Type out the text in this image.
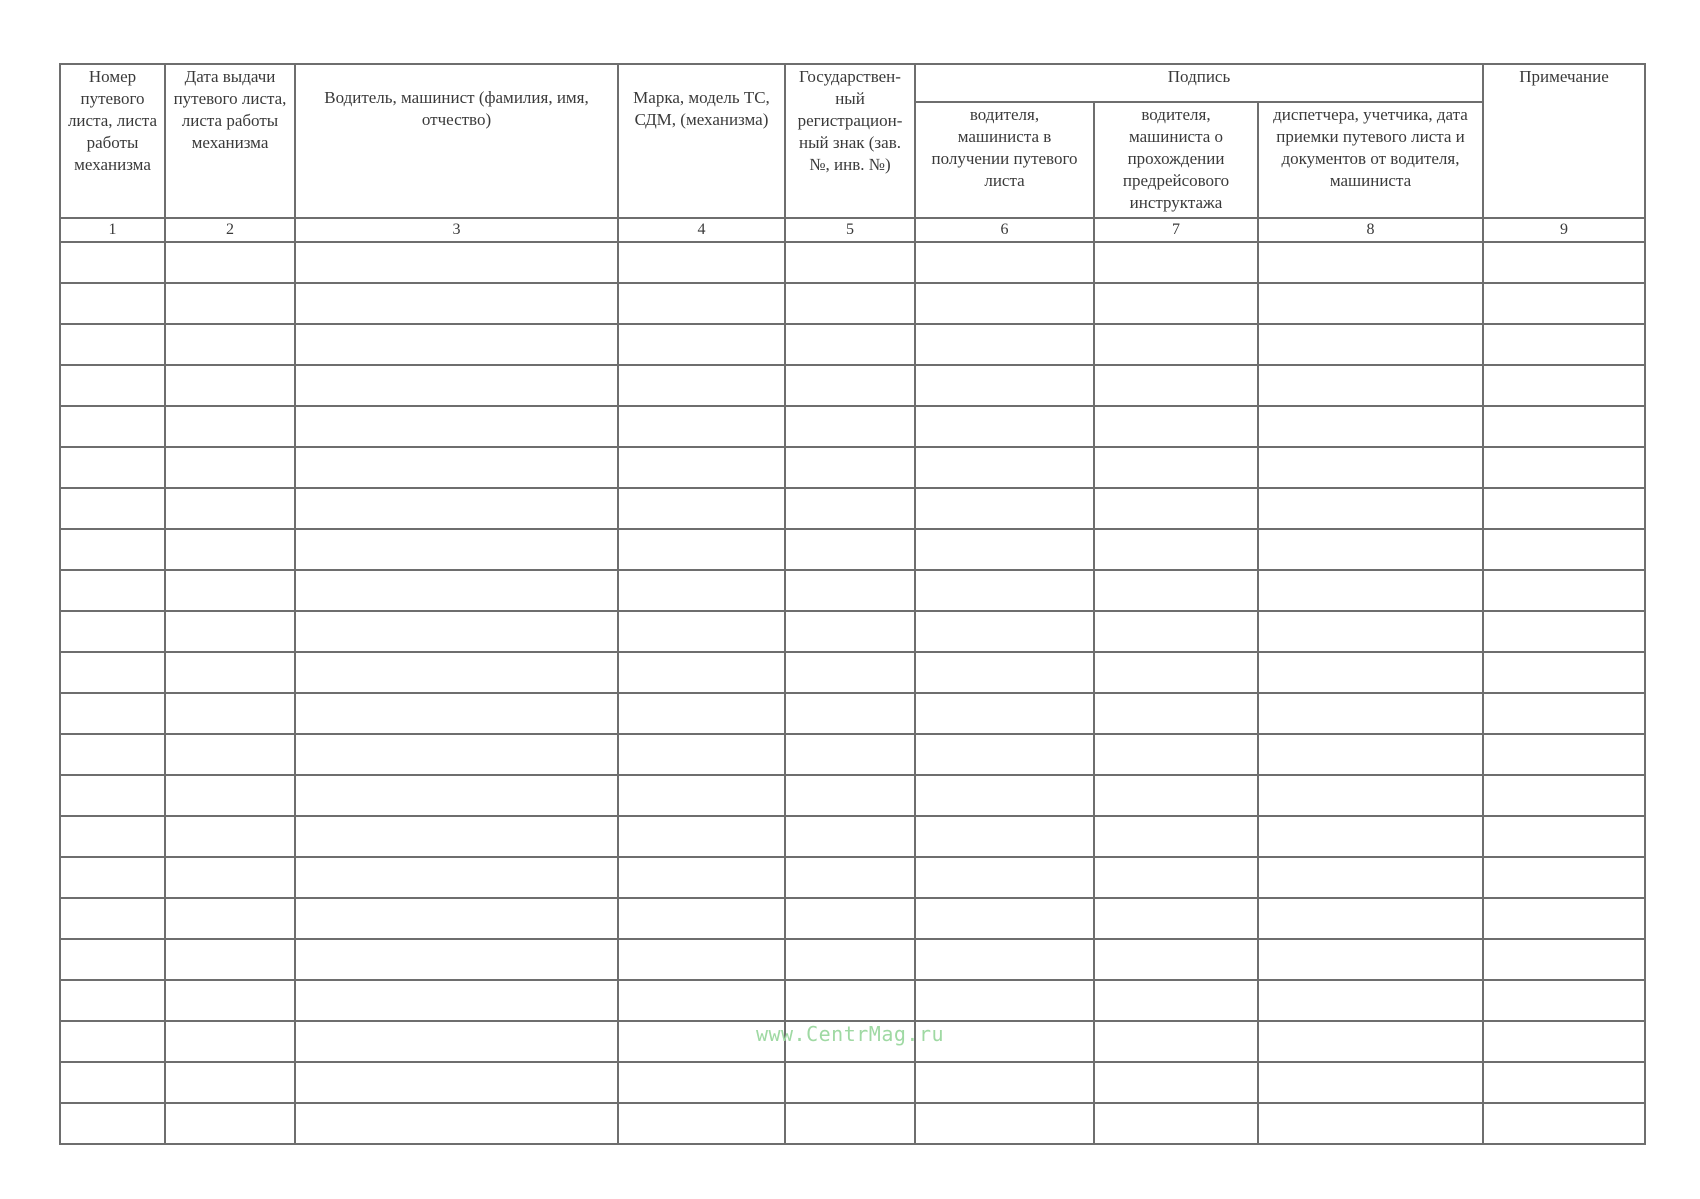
Номер путевого листа, листа работы механизма	Дата выдачи путевого листа, листа работы механизма	Водитель, машинист (фамилия, имя, отчество)	Марка, модель ТС, СДМ, (механизма)	Государствен-ный регистрацион-ный знак (зав. №, инв. №)	Подпись			Примечание
					водителя, машиниста в получении путевого листа	водителя, машиниста о прохождении предрейсового инструктажа	диспетчера, учетчика, дата приемки путевого листа и документов от водителя, машиниста	
1	2	3	4	5	6	7	8	9

www.CentrMag.ru
